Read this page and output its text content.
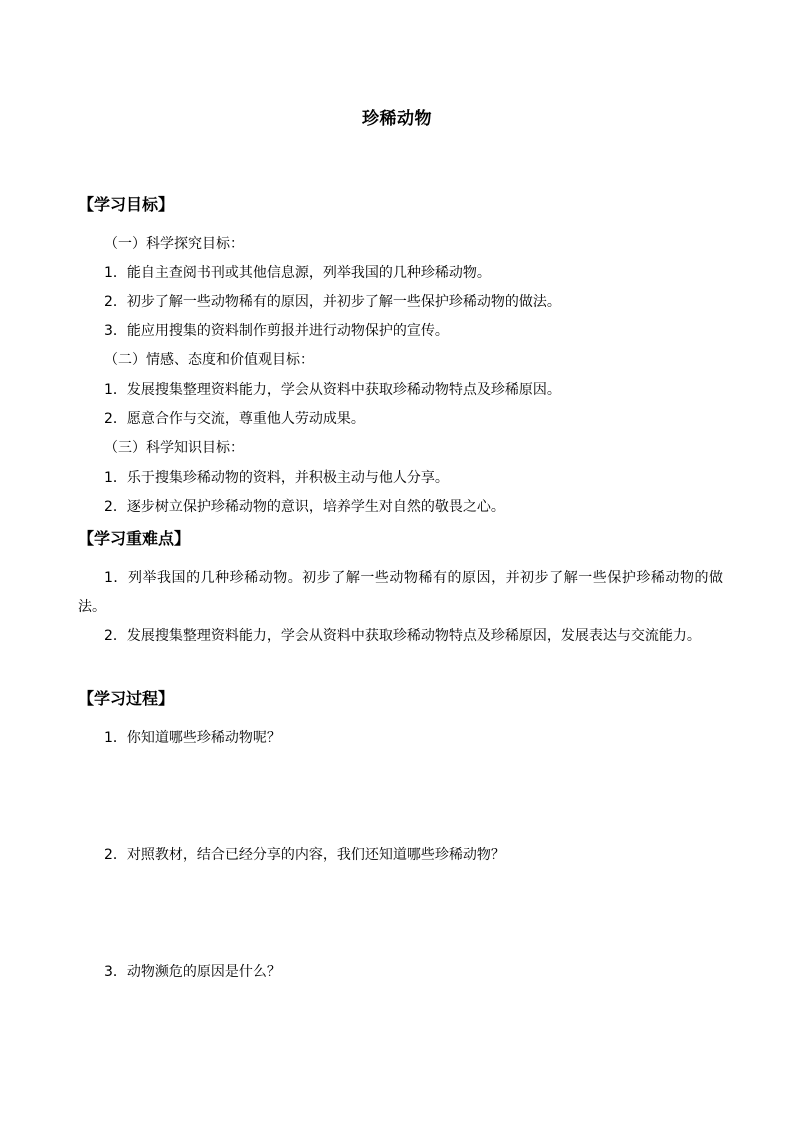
珍稀动物
【学习目标】
（一）科学探究目标：
1．能自主查阅书刊或其他信息源，列举我国的几种珍稀动物。
2．初步了解一些动物稀有的原因，并初步了解一些保护珍稀动物的做法。
3．能应用搜集的资料制作剪报并进行动物保护的宣传。
（二）情感、态度和价值观目标：
1．发展搜集整理资料能力，学会从资料中获取珍稀动物特点及珍稀原因。
2．愿意合作与交流，尊重他人劳动成果。
（三）科学知识目标：
1．乐于搜集珍稀动物的资料，并积极主动与他人分享。
2．逐步树立保护珍稀动物的意识，培养学生对自然的敬畏之心。
【学习重难点】
1．列举我国的几种珍稀动物。初步了解一些动物稀有的原因，并初步了解一些保护珍稀动物的做法。
2．发展搜集整理资料能力，学会从资料中获取珍稀动物特点及珍稀原因，发展表达与交流能力。
【学习过程】
1．你知道哪些珍稀动物呢？
2．对照教材，结合已经分享的内容，我们还知道哪些珍稀动物？
3．动物濒危的原因是什么？
